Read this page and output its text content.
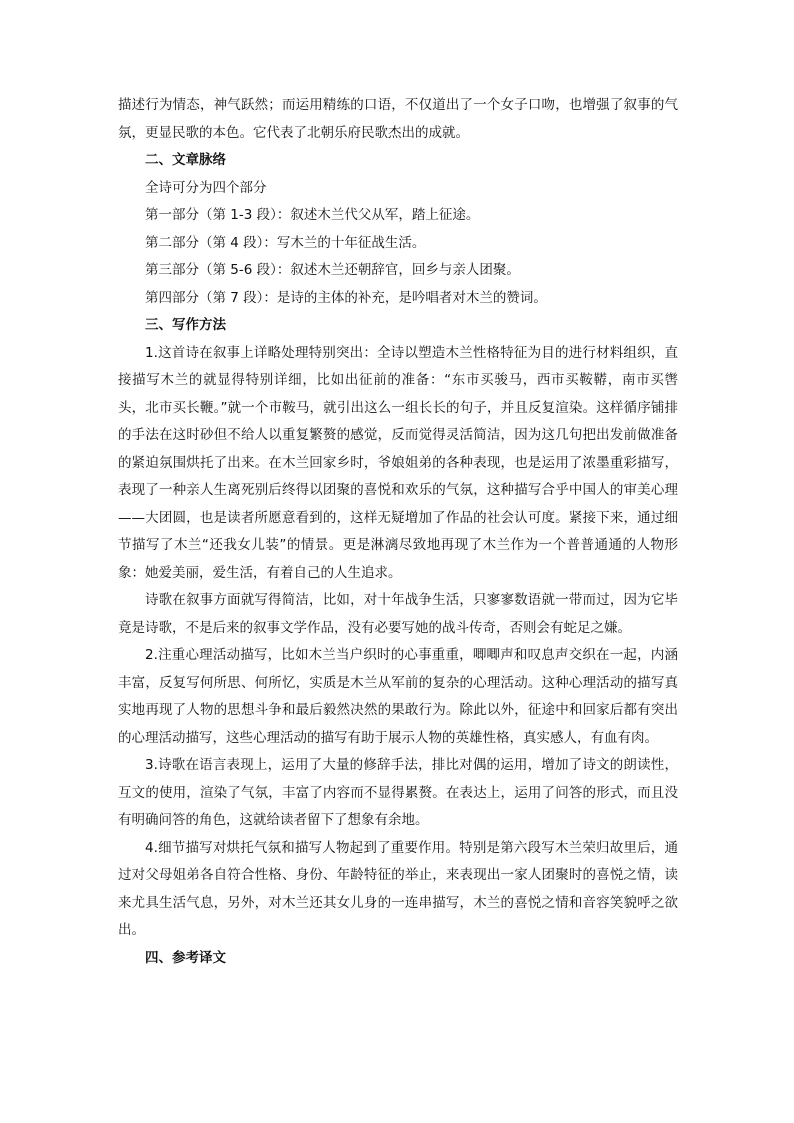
描述行为情态，神气跃然；而运用精练的口语，不仅道出了一个女子口吻，也增强了叙事的气氛，更显民歌的本色。它代表了北朝乐府民歌杰出的成就。

二、文章脉络

全诗可分为四个部分

第一部分（第 1-3 段）：叙述木兰代父从军，踏上征途。

第二部分（第 4 段）：写木兰的十年征战生活。

第三部分（第 5-6 段）：叙述木兰还朝辞官，回乡与亲人团聚。

第四部分（第 7 段）：是诗的主体的补充，是吟唱者对木兰的赞词。

三、写作方法

1.这首诗在叙事上详略处理特别突出：全诗以塑造木兰性格特征为目的进行材料组织，直接描写木兰的就显得特别详细，比如出征前的准备：“东市买骏马，西市买鞍鞯，南市买辔头，北市买长鞭。”就一个市鞍马，就引出这么一组长长的句子，并且反复渲染。这样循序铺排的手法在这时砂但不给人以重复繁赘的感觉，反而觉得灵活简洁，因为这几句把出发前做准备的紧迫氛围烘托了出来。在木兰回家乡时，爷娘姐弟的各种表现，也是运用了浓墨重彩描写，表现了一种亲人生离死别后终得以团聚的喜悦和欢乐的气氛，这种描写合乎中国人的审美心理——大团圆，也是读者所愿意看到的，这样无疑增加了作品的社会认可度。紧接下来，通过细节描写了木兰“还我女儿装”的情景。更是淋漓尽致地再现了木兰作为一个普普通通的人物形象：她爱美丽，爱生活，有着自己的人生追求。

诗歌在叙事方面就写得简洁，比如，对十年战争生活，只寥寥数语就一带而过，因为它毕竟是诗歌，不是后来的叙事文学作品，没有必要写她的战斗传奇，否则会有蛇足之嫌。

2.注重心理活动描写，比如木兰当户织时的心事重重，唧唧声和叹息声交织在一起，内涵丰富，反复写何所思、何所忆，实质是木兰从军前的复杂的心理活动。这种心理活动的描写真实地再现了人物的思想斗争和最后毅然决然的果敢行为。除此以外，征途中和回家后都有突出的心理活动描写，这些心理活动的描写有助于展示人物的英雄性格，真实感人，有血有肉。

3.诗歌在语言表现上，运用了大量的修辞手法，排比对偶的运用，增加了诗文的朗读性，互文的使用，渲染了气氛，丰富了内容而不显得累赘。在表达上，运用了问答的形式，而且没有明确问答的角色，这就给读者留下了想象有余地。

4.细节描写对烘托气氛和描写人物起到了重要作用。特别是第六段写木兰荣归故里后，通过对父母姐弟各自符合性格、身份、年龄特征的举止，来表现出一家人团聚时的喜悦之情，读来尤具生活气息，另外，对木兰还其女儿身的一连串描写，木兰的喜悦之情和音容笑貌呼之欲出。

四、参考译文
